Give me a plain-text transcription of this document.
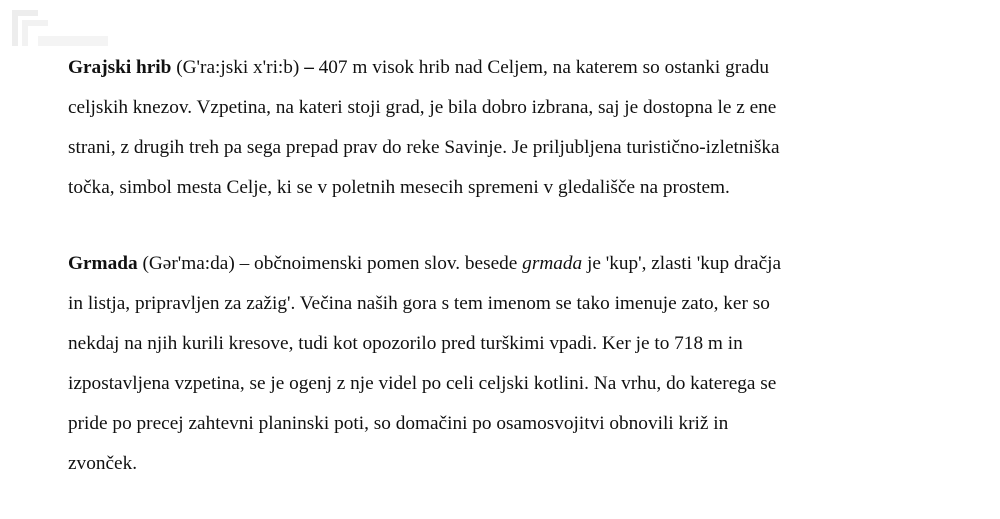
Grajski hrib (G'ra:jski x'ri:b) – 407 m visok hrib nad Celjem, na katerem so ostanki gradu
celjskih knezov. Vzpetina, na kateri stoji grad, je bila dobro izbrana, saj je dostopna le z ene
strani, z drugih treh pa sega prepad prav do reke Savinje. Je priljubljena turistično-izletniška
točka, simbol mesta Celje, ki se v poletnih mesecih spremeni v gledališče na prostem.

Grmada (Gər'ma:da) – občnoimenski pomen slov. besede grmada je 'kup', zlasti 'kup dračja
in listja, pripravljen za zažig'. Večina naših gora s tem imenom se tako imenuje zato, ker so
nekdaj na njih kurili kresove, tudi kot opozorilo pred turškimi vpadi. Ker je to 718 m in
izpostavljena vzpetina, se je ogenj z nje videl po celi celjski kotlini. Na vrhu, do katerega se
pride po precej zahtevni planinski poti, so domačini po osamosvojitvi obnovili križ in
zvonček.
